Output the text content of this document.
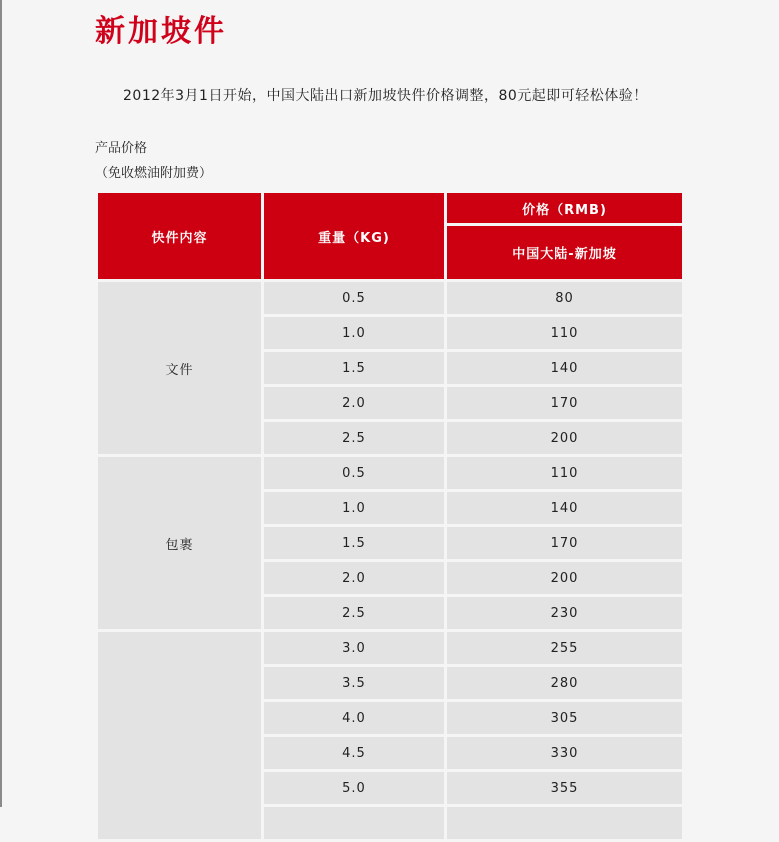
新加坡件

2012年3月1日开始，中国大陆出口新加坡快件价格调整，80元起即可轻松体验！

产品价格

（免收燃油附加费）

快件内容	重量（KG)	价格（RMB)
		中国大陆-新加坡
文件	0.5	80
	1.0	110
	1.5	140
	2.0	170
	2.5	200
包裹	0.5	110
	1.0	140
	1.5	170
	2.0	200
	2.5	230
	3.0	255
	3.5	280
	4.0	305
	4.5	330
	5.0	355
